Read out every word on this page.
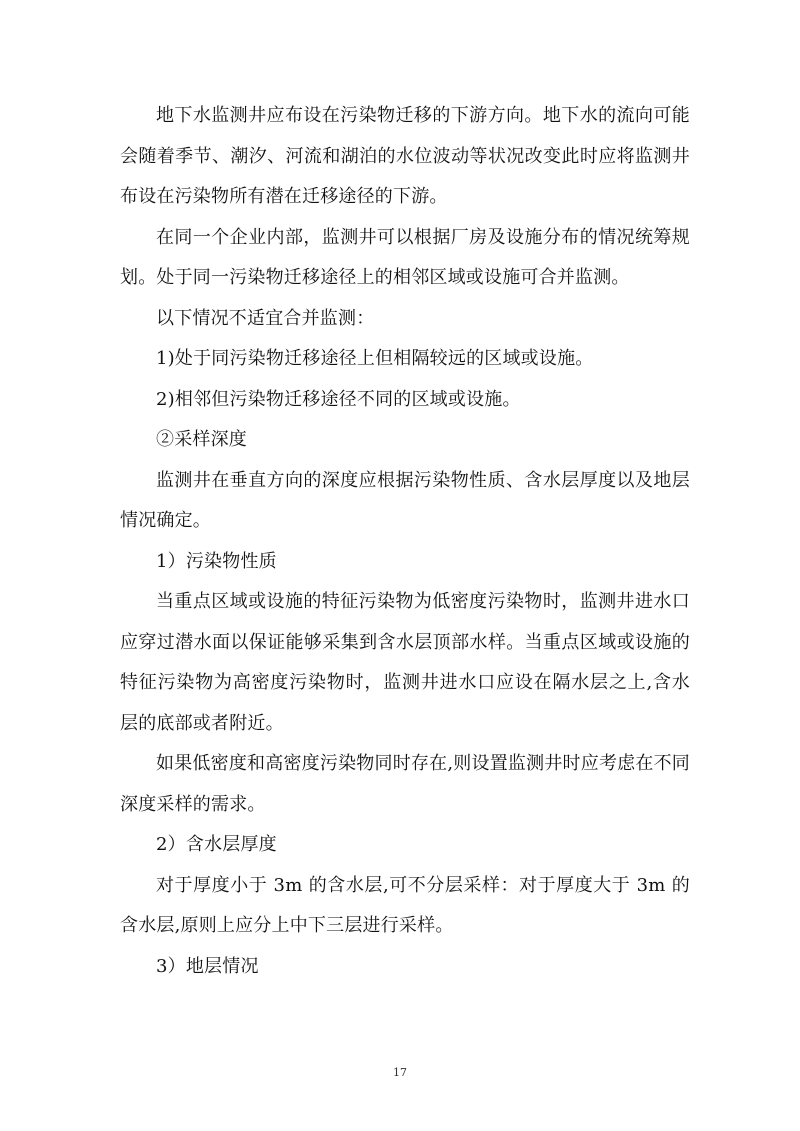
地下水监测井应布设在污染物迁移的下游方向。地下水的流向可能会随着季节、潮汐、河流和湖泊的水位波动等状况改变此时应将监测井布设在污染物所有潜在迁移途径的下游。

在同一个企业内部，监测井可以根据厂房及设施分布的情况统筹规划。处于同一污染物迁移途径上的相邻区域或设施可合并监测。

以下情况不适宜合并监测：

1)处于同污染物迁移途径上但相隔较远的区域或设施。

2)相邻但污染物迁移途径不同的区域或设施。

②采样深度

监测井在垂直方向的深度应根据污染物性质、含水层厚度以及地层情况确定。

1）污染物性质

当重点区域或设施的特征污染物为低密度污染物时，监测井进水口应穿过潜水面以保证能够采集到含水层顶部水样。当重点区域或设施的特征污染物为高密度污染物时，监测井进水口应设在隔水层之上,含水层的底部或者附近。

如果低密度和高密度污染物同时存在,则设置监测井时应考虑在不同深度采样的需求。

2）含水层厚度

对于厚度小于 3m 的含水层,可不分层采样：对于厚度大于 3m 的含水层,原则上应分上中下三层进行采样。

3）地层情况

17
